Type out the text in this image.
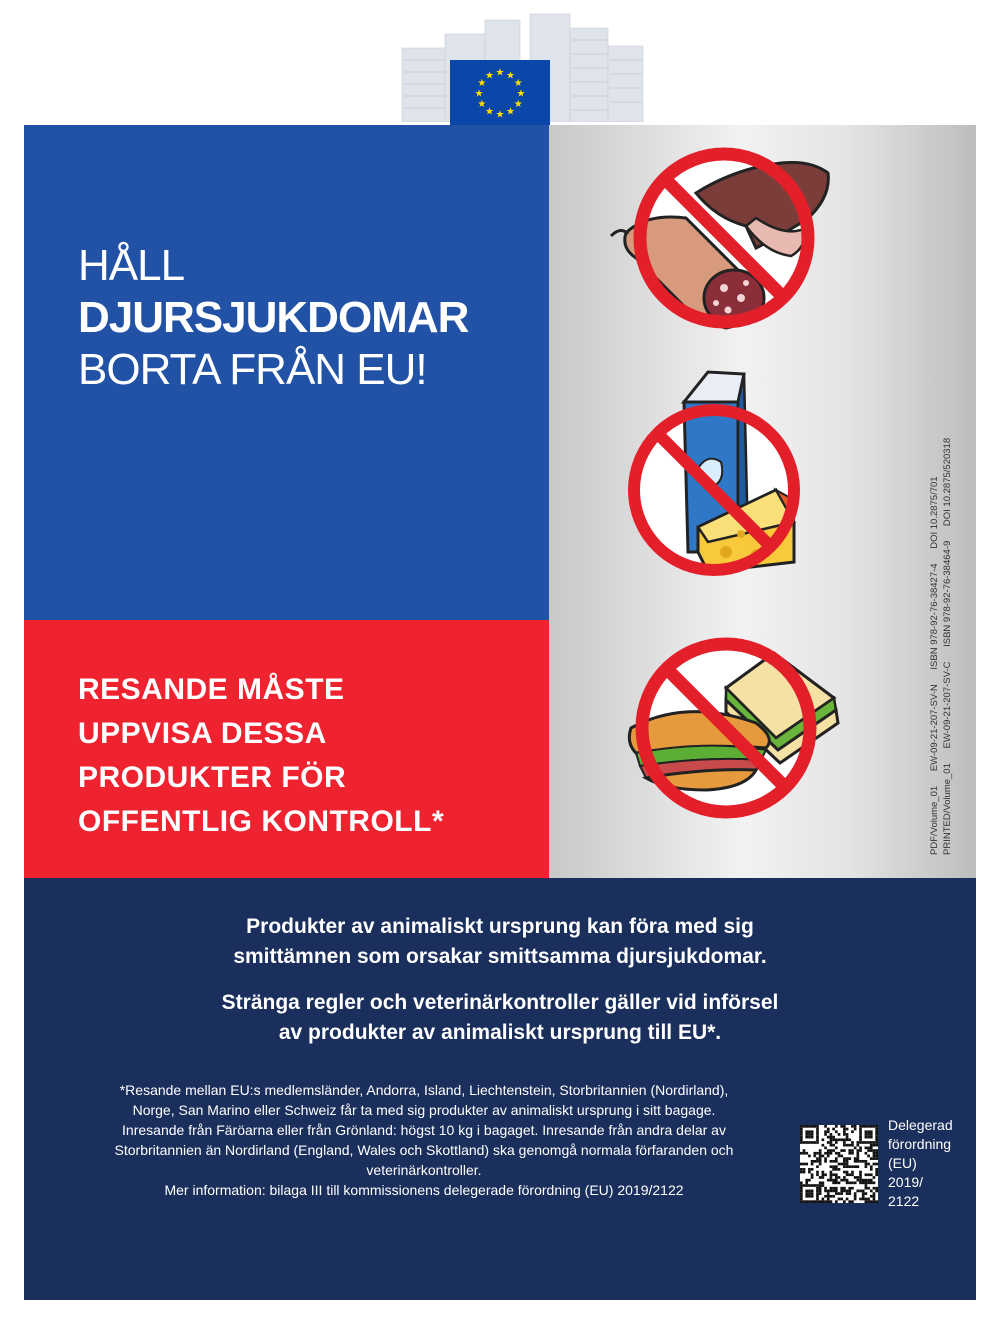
★ ★
★
★
★
★
★
★
★
★
★
★
HÅLL
DJURSJUKDOMAR
BORTA FRÅN EU!
RESANDE MÅSTE
UPPVISA DESSA
PRODUKTER FÖR
OFFENTLIG KONTROLL*	PDF/Volume_01 EW-09-21-207-SV-N ISBN 978-92-76-38427-4 DOI 10.2875/701
PRINTED/Volume_01 EW-09-21-207-SV-C ISBN 978-92-76-38464-9 DOI 10.2875/520318
Produkter av animaliskt ursprung kan föra med sig
smittämnen som orsakar smittsamma djursjukdomar.
Stränga regler och veterinärkontroller gäller vid införsel
av produkter av animaliskt ursprung till EU*.
*Resande mellan EU:s medlemsländer, Andorra, Island, Liechtenstein, Storbritannien (Nordirland),
Norge, San Marino eller Schweiz får ta med sig produkter av animaliskt ursprung i sitt bagage.
Inresande från Färöarna eller från Grönland: högst 10 kg i bagaget. Inresande från andra delar av
Storbritannien än Nordirland (England, Wales och Skottland) ska genomgå normala förfaranden och
veterinärkontroller.
Mer information: bilaga III till kommissionens delegerade förordning (EU) 2019/2122
Delegerad
förordning
(EU)
2019/
2122
